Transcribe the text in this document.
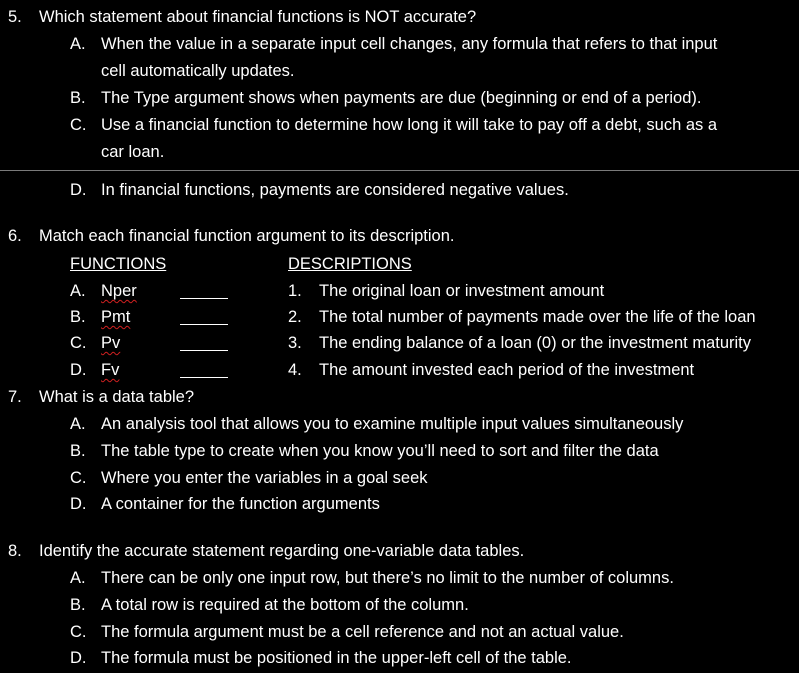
5. Which statement about financial functions is NOT accurate?
A. When the value in a separate input cell changes, any formula that refers to that input
cell automatically updates.
B. The Type argument shows when payments are due (beginning or end of a period).
C. Use a financial function to determine how long it will take to pay off a debt, such as a
car loan.
D. In financial functions, payments are considered negative values.
6. Match each financial function argument to its description.
FUNCTIONS	DESCRIPTIONS
A. Nper	1. The original loan or investment amount
B. Pmt	2. The total number of payments made over the life of the loan
C. Pv	3. The ending balance of a loan (0) or the investment maturity
D. Fv	4. The amount invested each period of the investment
7. What is a data table?
A. An analysis tool that allows you to examine multiple input values simultaneously
B. The table type to create when you know you’ll need to sort and filter the data
C. Where you enter the variables in a goal seek
D. A container for the function arguments
8. Identify the accurate statement regarding one-variable data tables.
A. There can be only one input row, but there’s no limit to the number of columns.
B. A total row is required at the bottom of the column.
C. The formula argument must be a cell reference and not an actual value.
D. The formula must be positioned in the upper-left cell of the table.
